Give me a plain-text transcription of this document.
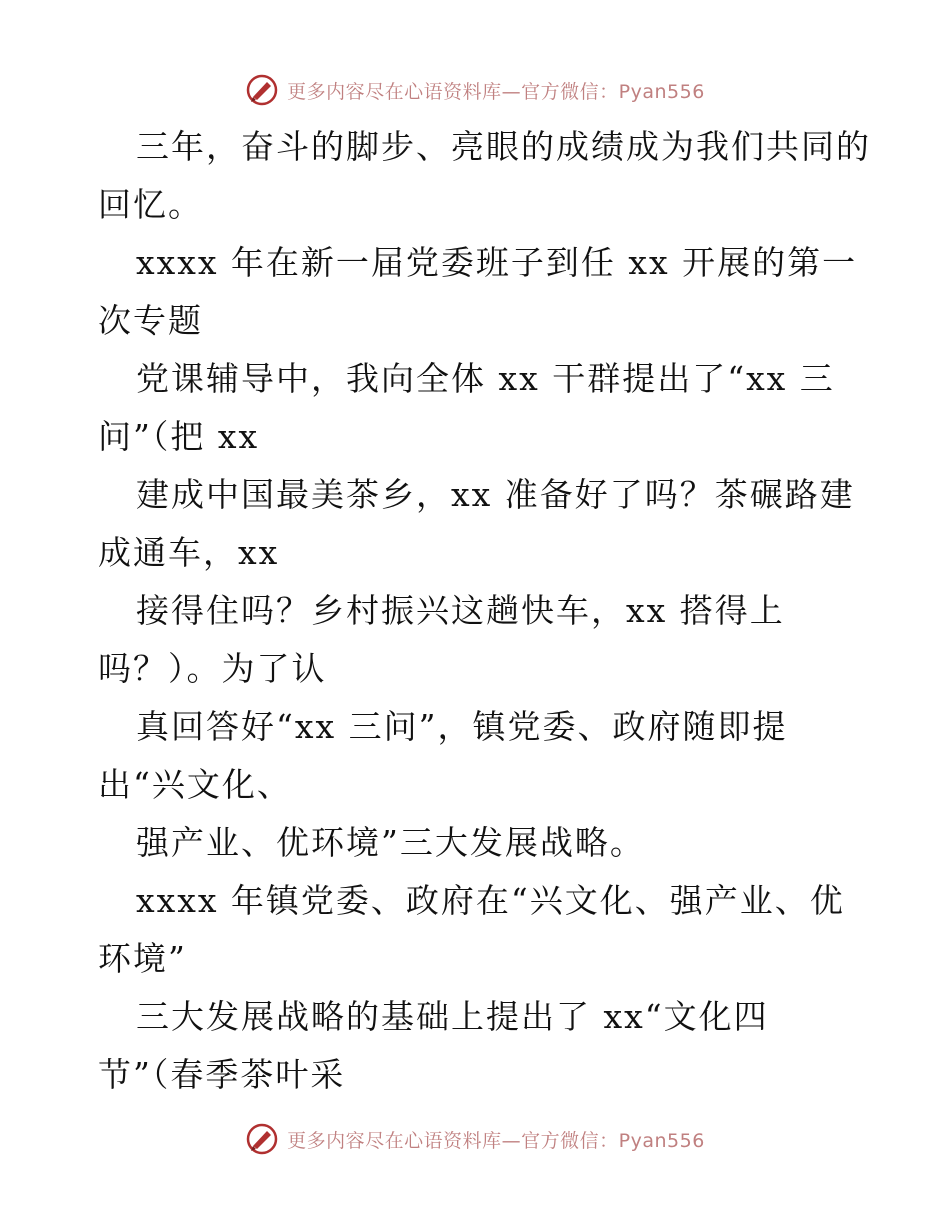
更多内容尽在心语资料库—官方微信：Pyan556

三年，奋斗的脚步、亮眼的成绩成为我们共同的

回忆。

xxxx 年在新一届党委班子到任 xx 开展的第一

次专题

党课辅导中，我向全体 xx 干群提出了“xx 三

问”（把 xx

建成中国最美茶乡，xx 准备好了吗？茶碾路建

成通车，xx

接得住吗？乡村振兴这趟快车，xx 搭得上

吗？）。为了认

真回答好“xx 三问”，镇党委、政府随即提

出“兴文化、

强产业、优环境”三大发展战略。

xxxx 年镇党委、政府在“兴文化、强产业、优

环境”

三大发展战略的基础上提出了 xx“文化四

节”（春季茶叶采

更多内容尽在心语资料库—官方微信：Pyan556
